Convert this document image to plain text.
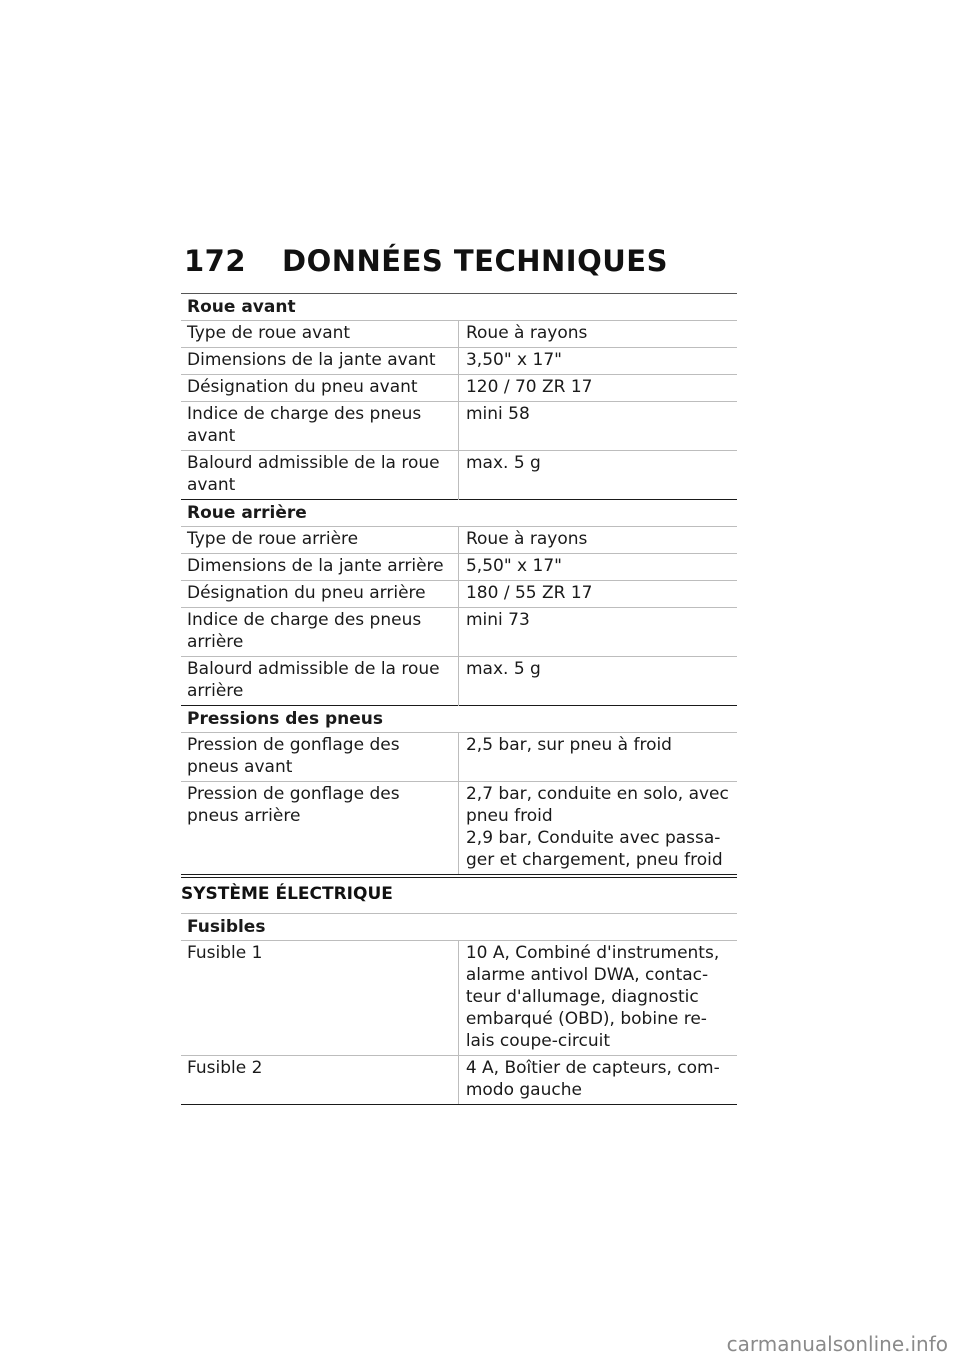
172	DONNÉES TECHNIQUES
Roue avant	
Type de roue avant	Roue à rayons
Dimensions de la jante avant	3,50" x 17"
Désignation du pneu avant	120 / 70 ZR 17
Indice de charge des pneus avant	mini 58
Balourd admissible de la roue avant	max. 5 g
Roue arrière	
Type de roue arrière	Roue à rayons
Dimensions de la jante arrière	5,50" x 17"
Désignation du pneu arrière	180 / 55 ZR 17
Indice de charge des pneus arrière	mini 73
Balourd admissible de la roue arrière	max. 5 g
Pressions des pneus	
Pression de gonflage des pneus avant	2,5 bar, sur pneu à froid
Pression de gonflage des pneus arrière	2,7 bar, conduite en solo, avec pneu froid
2,9 bar, Conduite avec passa-ger et chargement, pneu froid
SYSTÈME ÉLECTRIQUE
Fusibles	
Fusible 1	10 A, Combiné d'instruments, alarme antivol DWA, contac-teur d'allumage, diagnostic embarqué (OBD), bobine re-lais coupe-circuit
Fusible 2	4 A, Boîtier de capteurs, com-modo gauche
carmanualsonline.info
